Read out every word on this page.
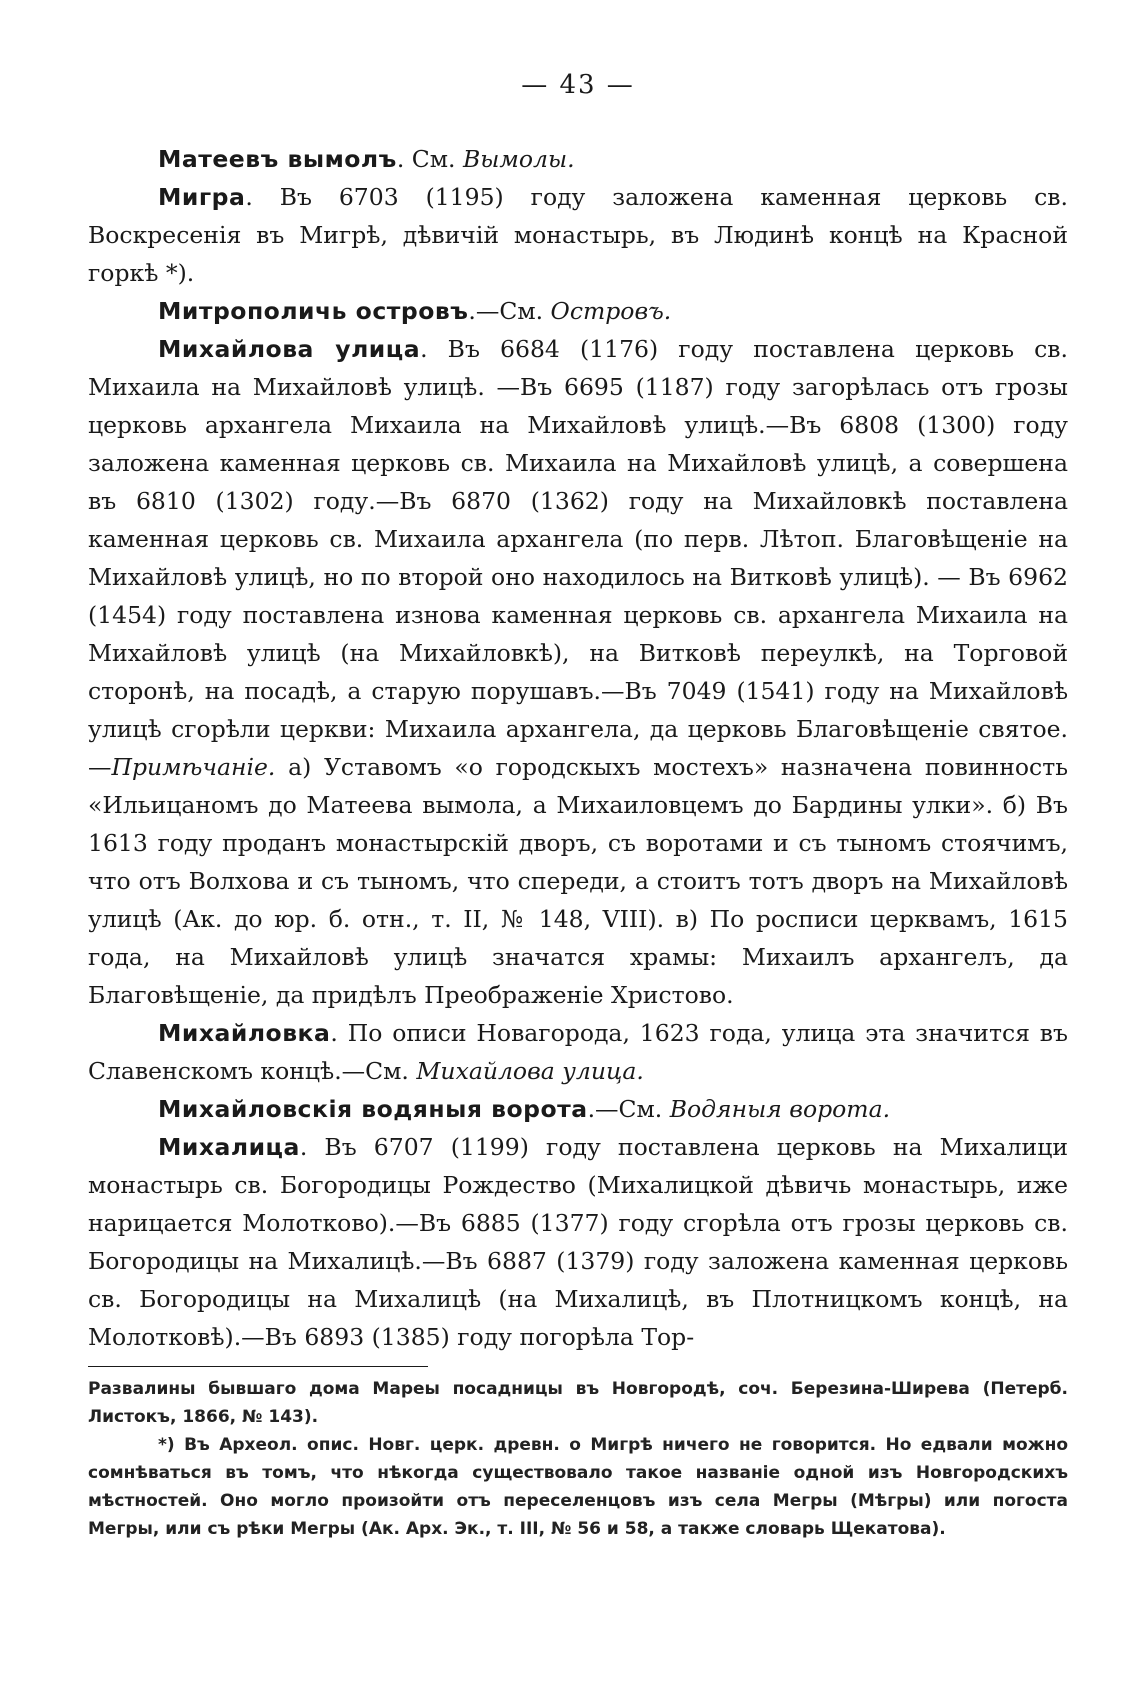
— 43 —

Матеевъ вымолъ. См. Вымолы.

Мигра. Въ 6703 (1195) году заложена каменная церковь св. Воскресенія въ Мигрѣ, дѣвичій монастырь, въ Людинѣ концѣ на Красной горкѣ *).

Митрополичь островъ.—См. Островъ.

Михайлова улица. Въ 6684 (1176) году поставлена церковь св. Михаила на Михайловѣ улицѣ. —Въ 6695 (1187) году загорѣлась отъ грозы церковь архангела Михаила на Михайловѣ улицѣ.—Въ 6808 (1300) году заложена каменная церковь св. Михаила на Михайловѣ улицѣ, а совершена въ 6810 (1302) году.—Въ 6870 (1362) году на Михайловкѣ поставлена каменная церковь св. Михаила архангела (по перв. Лѣтоп. Благовѣщеніе на Михайловѣ улицѣ, но по второй оно находилось на Витковѣ улицѣ). — Въ 6962 (1454) году поставлена изнова каменная церковь св. архангела Михаила на Михайловѣ улицѣ (на Михайловкѣ), на Витковѣ переулкѣ, на Торговой сторонѣ, на посадѣ, а старую порушавъ.—Въ 7049 (1541) году на Михайловѣ улицѣ сгорѣли церкви: Михаила архангела, да церковь Благовѣщеніе святое.—Примѣчаніе. а) Уставомъ «о городскыхъ мостехъ» назначена повинность «Ильицаномъ до Матеева вымола, а Михаиловцемъ до Бардины улки». б) Въ 1613 году проданъ монастырскій дворъ, съ воротами и съ тыномъ стоячимъ, что отъ Волхова и съ тыномъ, что спереди, а стоитъ тотъ дворъ на Михайловѣ улицѣ (Ак. до юр. б. отн., т. II, № 148, VIII). в) По росписи церквамъ, 1615 года, на Михайловѣ улицѣ значатся храмы: Михаилъ архангелъ, да Благовѣщеніе, да придѣлъ Преображеніе Христово.

Михайловка. По описи Новагорода, 1623 года, улица эта значится въ Славенскомъ концѣ.—См. Михайлова улица.

Михайловскія водяныя ворота.—См. Водяныя ворота.

Михалица. Въ 6707 (1199) году поставлена церковь на Михалици монастырь св. Богородицы Рождество (Михалицкой дѣвичь монастырь, иже нарицается Молотково).—Въ 6885 (1377) году сгорѣла отъ грозы церковь св. Богородицы на Михалицѣ.—Въ 6887 (1379) году заложена каменная церковь св. Богородицы на Михалицѣ (на Михалицѣ, въ Плотницкомъ концѣ, на Молотковѣ).—Въ 6893 (1385) году погорѣла Тор-

Развалины бывшаго дома Мареы посадницы въ Новгородѣ, соч. Березина-Ширева (Петерб. Листокъ, 1866, № 143).

*) Въ Археол. опис. Новг. церк. древн. о Мигрѣ ничего не говорится. Но едвали можно сомнѣваться въ томъ, что нѣкогда существовало такое названіе одной изъ Новгородскихъ мѣстностей. Оно могло произойти отъ переселенцовъ изъ села Мегры (Мѣгры) или погоста Мегры, или съ рѣки Мегры (Ак. Арх. Эк., т. III, № 56 и 58, а также словарь Щекатова).
